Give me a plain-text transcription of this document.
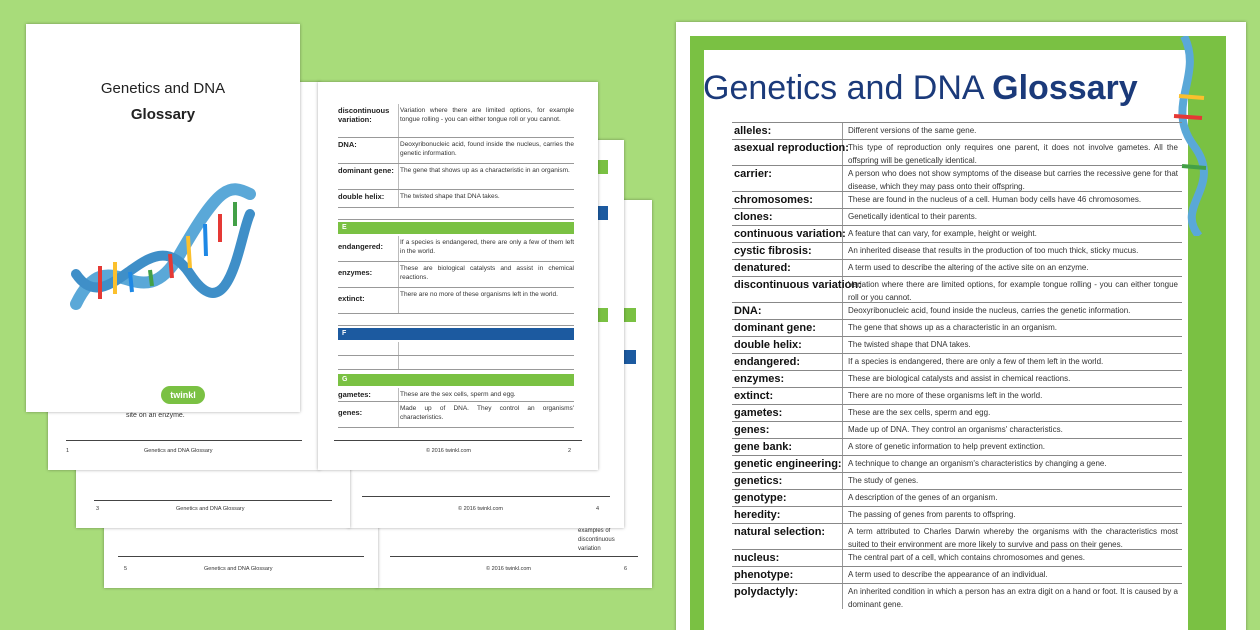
© 2016 twinkl.com	6
examples of
discontinuous
variation
5	Genetics and DNA Glossary
© 2016 twinkl.com	4
3	Genetics and DNA Glossary
site on an enzyme.
1	Genetics and DNA Glossary
discontinuous variation:
Variation where there are limited options, for example tongue rolling - you can either tongue roll or you cannot.
DNA:	Deoxyribonucleic acid, found inside the nucleus, carries the genetic information.
dominant gene: The gene that shows up as a characteristic in an organism.
double helix:	The twisted shape that DNA takes.
E
endangered:	If a species is endangered, there are only a few of them left in the world.
enzymes:	These are biological catalysts and assist in chemical reactions.
extinct:	There are no more of these organisms left in the world.
F
G
gametes:	These are the sex cells, sperm and egg.
genes:	Made up of DNA. They control an organisms' characteristics.
© 2016 twinkl.com	2
Genetics and DNA
Glossary
twinkl
Genetics and DNA Glossary
alleles:	Different versions of the same gene.
asexual reproduction: This type of reproduction only requires one parent, it does not involve gametes. All the offspring will be genetically identical.
carrier:	A person who does not show symptoms of the disease but carries the recessive gene for that disease, which they may pass onto their offspring.
chromosomes:	These are found in the nucleus of a cell. Human body cells have 46 chromosomes.
clones:	Genetically identical to their parents.
continuous variation: A feature that can vary, for example, height or weight.
cystic fibrosis:	An inherited disease that results in the production of too much thick, sticky mucus.
denatured:	A term used to describe the altering of the active site on an enzyme.
discontinuous variation:
Variation where there are limited options, for example tongue rolling - you can either tongue roll or you cannot.
DNA:	Deoxyribonucleic acid, found inside the nucleus, carries the genetic information.
dominant gene:	The gene that shows up as a characteristic in an organism.
double helix:	The twisted shape that DNA takes.
endangered:	If a species is endangered, there are only a few of them left in the world.
enzymes:	These are biological catalysts and assist in chemical reactions.
extinct:	There are no more of these organisms left in the world.
gametes:	These are the sex cells, sperm and egg.
genes:	Made up of DNA. They control an organisms' characteristics.
gene bank:	A store of genetic information to help prevent extinction.
genetic engineering: A technique to change an organism's characteristics by changing a gene.
genetics:	The study of genes.
genotype:	A description of the genes of an organism.
heredity:	The passing of genes from parents to offspring.
natural selection:	A term attributed to Charles Darwin whereby the organisms with the characteristics most suited to their environment are more likely to survive and pass on their genes.
nucleus:	The central part of a cell, which contains chromosomes and genes.
phenotype:	A term used to describe the appearance of an individual.
polydactyly:	An inherited condition in which a person has an extra digit on a hand or foot. It is caused by a dominant gene.
